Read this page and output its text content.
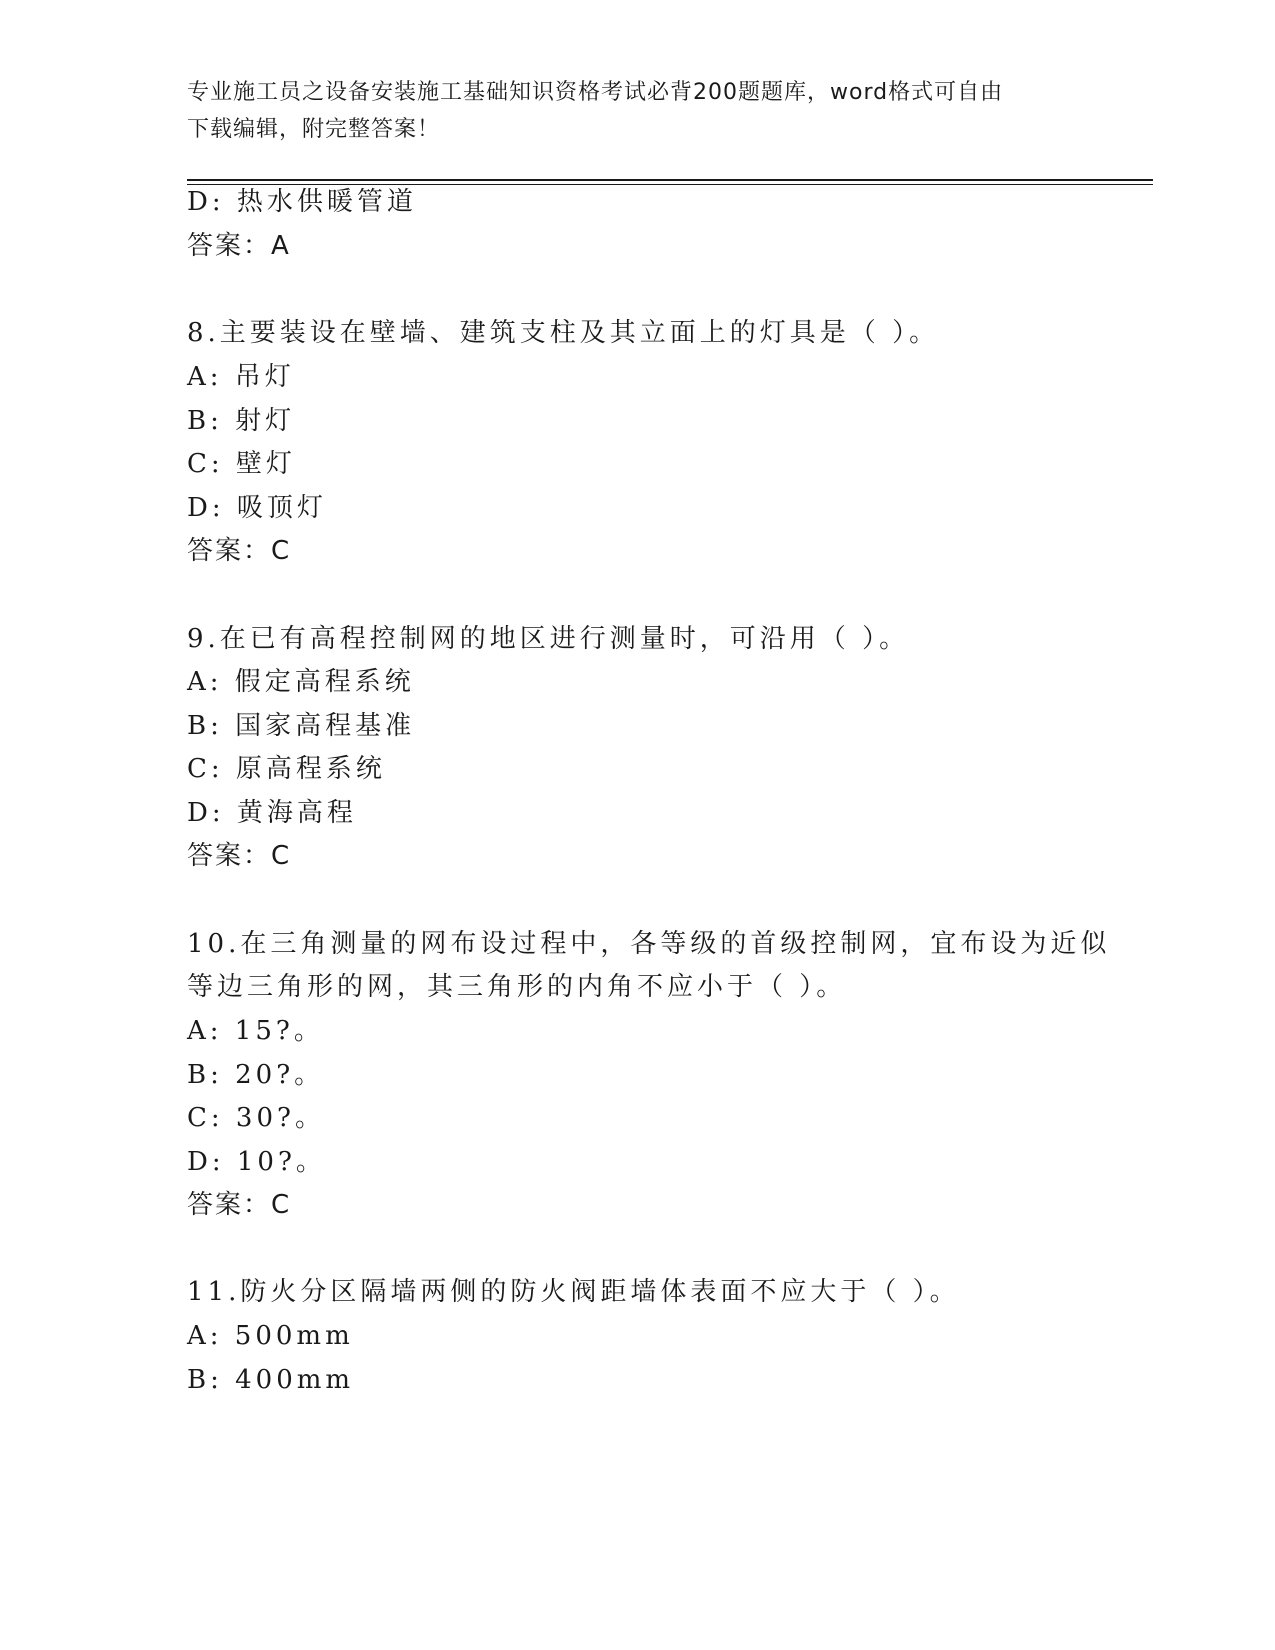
专业施工员之设备安装施工基础知识资格考试必背200题题库，word格式可自由
下载编辑，附完整答案！
D: 热水供暖管道
答案：A
8.主要装设在壁墙、建筑支柱及其立面上的灯具是（ ）。
A: 吊灯
B: 射灯
C: 壁灯
D: 吸顶灯
答案：C
9.在已有高程控制网的地区进行测量时，可沿用（ ）。
A: 假定高程系统
B: 国家高程基准
C: 原高程系统
D: 黄海高程
答案：C
10.在三角测量的网布设过程中，各等级的首级控制网，宜布设为近似
等边三角形的网，其三角形的内角不应小于（ ）。
A: 15?。
B: 20?。
C: 30?。
D: 10?。
答案：C
11.防火分区隔墙两侧的防火阀距墙体表面不应大于（ ）。
A: 500mm
B: 400mm
